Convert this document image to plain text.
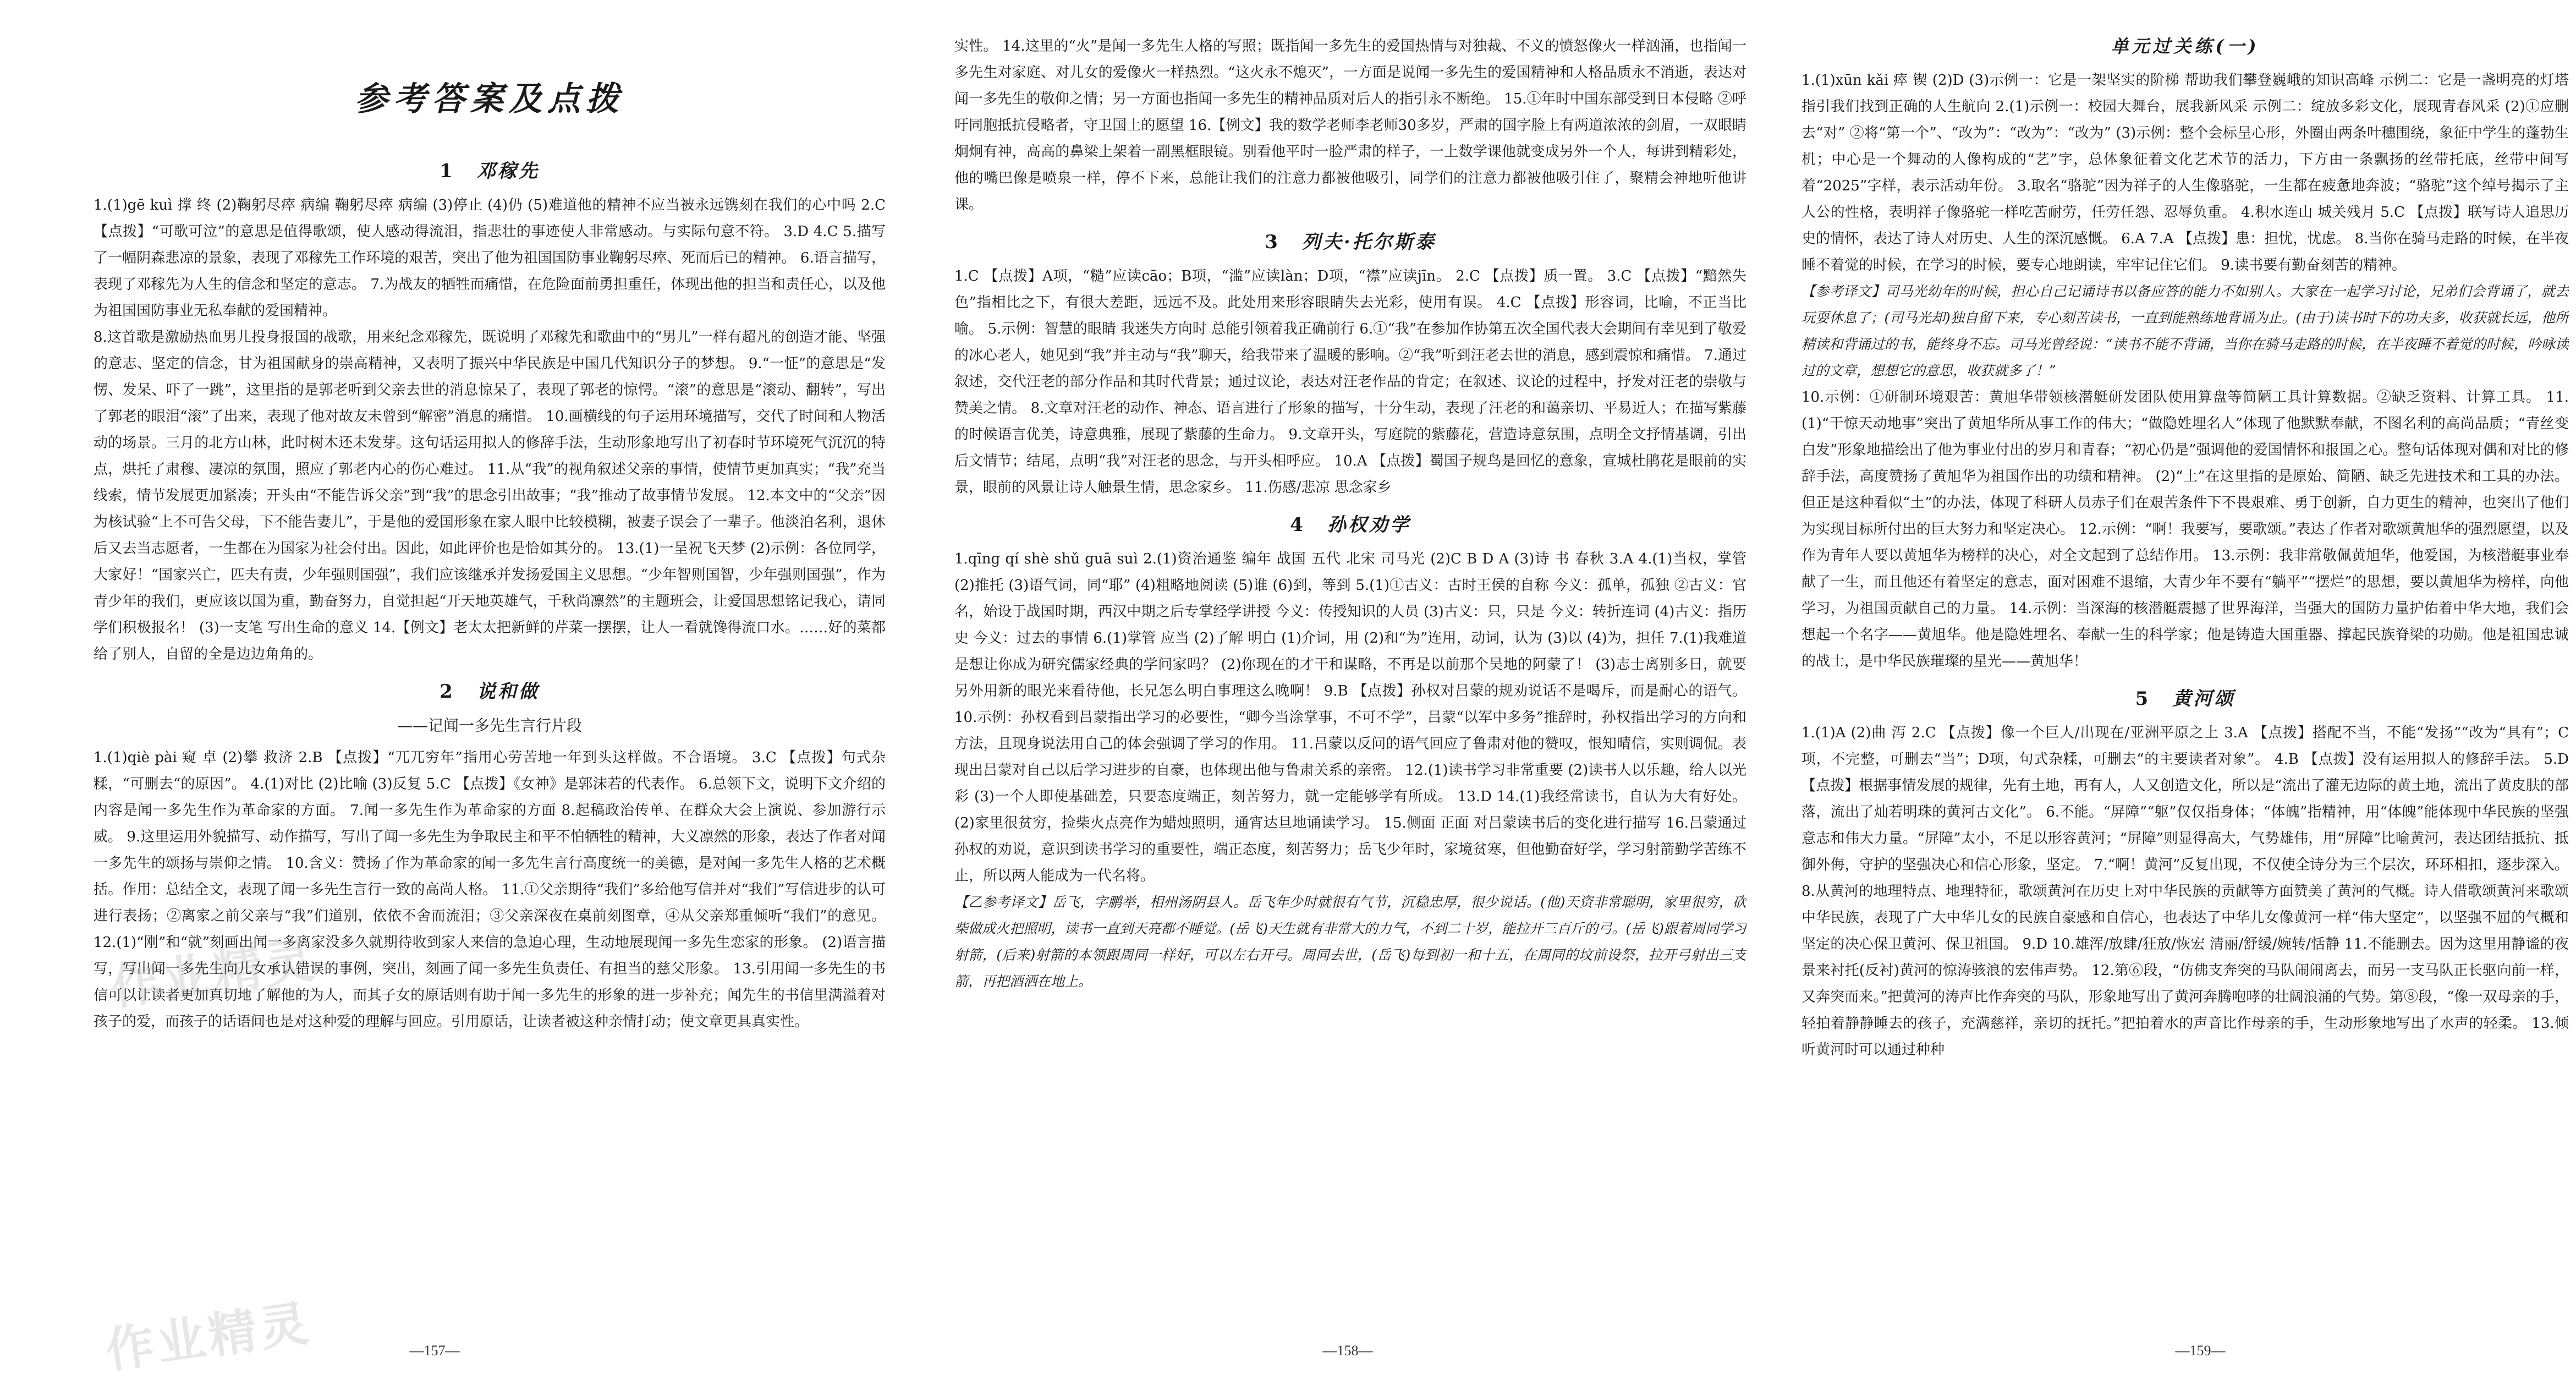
参考答案及点拨
1 邓稼先

1.(1)gē kuì 撑 终 (2)鞠躬尽瘁 病编 鞠躬尽瘁 病编 (3)停止 (4)仍 (5)难道他的精神不应当被永远镌刻在我们的心中吗 2.C 【点拨】“可歌可泣”的意思是值得歌颂，使人感动得流泪，指悲壮的事迹使人非常感动。与实际句意不符。 3.D 4.C 5.描写了一幅阴森悲凉的景象，表现了邓稼先工作环境的艰苦，突出了他为祖国国防事业鞠躬尽瘁、死而后已的精神。 6.语言描写，表现了邓稼先为人生的信念和坚定的意志。 7.为战友的牺牲而痛惜，在危险面前勇担重任，体现出他的担当和责任心，以及他为祖国国防事业无私奉献的爱国精神。

8.这首歌是激励热血男儿投身报国的战歌，用来纪念邓稼先，既说明了邓稼先和歌曲中的“男儿”一样有超凡的创造才能、坚强的意志、坚定的信念，甘为祖国献身的崇高精神，又表明了振兴中华民族是中国几代知识分子的梦想。 9.“一怔”的意思是“发愣、发呆、吓了一跳”，这里指的是郭老听到父亲去世的消息惊呆了，表现了郭老的惊愕。“滚”的意思是“滚动、翻转”，写出了郭老的眼泪“滚”了出来，表现了他对故友未曾到“解密”消息的痛惜。 10.画横线的句子运用环境描写，交代了时间和人物活动的场景。三月的北方山林，此时树木还未发芽。这句话运用拟人的修辞手法，生动形象地写出了初春时节环境死气沉沉的特点，烘托了肃穆、凄凉的氛围，照应了郭老内心的伤心难过。 11.从“我”的视角叙述父亲的事情，使情节更加真实；“我”充当线索，情节发展更加紧凑；开头由“不能告诉父亲”到“我”的思念引出故事；“我”推动了故事情节发展。 12.本文中的“父亲”因为核试验“上不可告父母，下不能告妻儿”，于是他的爱国形象在家人眼中比较模糊，被妻子误会了一辈子。他淡泊名利，退休后又去当志愿者，一生都在为国家为社会付出。因此，如此评价也是恰如其分的。 13.(1)一呈祝飞天梦 (2)示例：各位同学，大家好！“国家兴亡，匹夫有责，少年强则国强”，我们应该继承并发扬爱国主义思想。“少年智则国智，少年强则国强”，作为青少年的我们，更应该以国为重，勤奋努力，自觉担起“开天地英雄气，千秋尚凛然”的主题班会，让爱国思想铭记我心，请同学们积极报名！ (3)一支笔 写出生命的意义 14.【例文】老太太把新鲜的芹菜一摆摆，让人一看就馋得流口水。……好的菜都给了别人，自留的全是边边角角的。

2 说和做
——记闻一多先生言行片段

1.(1)qiè pài 窥 卓 (2)攀 救济 2.B 【点拨】“兀兀穷年”指用心劳苦地一年到头这样做。不合语境。 3.C 【点拨】句式杂糅，“可删去“的原因”。 4.(1)对比 (2)比喻 (3)反复 5.C 【点拨】《女神》是郭沫若的代表作。 6.总领下文，说明下文介绍的内容是闻一多先生作为革命家的方面。 7.闻一多先生作为革命家的方面 8.起稿政治传单、在群众大会上演说、参加游行示威。 9.这里运用外貌描写、动作描写，写出了闻一多先生为争取民主和平不怕牺牲的精神，大义凛然的形象，表达了作者对闻一多先生的颂扬与崇仰之情。 10.含义：赞扬了作为革命家的闻一多先生言行高度统一的美德，是对闻一多先生人格的艺术概括。作用：总结全文，表现了闻一多先生言行一致的高尚人格。 11.①父亲期待“我们”多给他写信并对“我们”写信进步的认可进行表扬；②离家之前父亲与“我”们道别，依依不舍而流泪；③父亲深夜在桌前刻图章，④从父亲郑重倾听“我们”的意见。 12.(1)“刚”和“就”刻画出闻一多离家没多久就期待收到家人来信的急迫心理，生动地展现闻一多先生恋家的形象。 (2)语言描写，写出闻一多先生向儿女承认错误的事例，突出，刻画了闻一多先生负责任、有担当的慈父形象。 13.引用闻一多先生的书信可以让读者更加真切地了解他的为人，而其子女的原话则有助于闻一多先生的形象的进一步补充；闻先生的书信里满溢着对孩子的爱，而孩子的话语间也是对这种爱的理解与回应。引用原话，让读者被这种亲情打动；使文章更具真实性。

实性。 14.这里的“火”是闻一多先生人格的写照；既指闻一多先生的爱国热情与对独裁、不义的愤怒像火一样汹涌，也指闻一多先生对家庭、对儿女的爱像火一样热烈。“这火永不熄灭”，一方面是说闻一多先生的爱国精神和人格品质永不消逝，表达对闻一多先生的敬仰之情；另一方面也指闻一多先生的精神品质对后人的指引永不断绝。 15.①年时中国东部受到日本侵略 ②呼吁同胞抵抗侵略者，守卫国土的愿望 16.【例文】我的数学老师李老师30多岁，严肃的国字脸上有两道浓浓的剑眉，一双眼睛炯炯有神，高高的鼻梁上架着一副黑框眼镜。别看他平时一脸严肃的样子，一上数学课他就变成另外一个人，每讲到精彩处，他的嘴巴像是喷泉一样，停不下来，总能让我们的注意力都被他吸引，同学们的注意力都被他吸引住了，聚精会神地听他讲课。

3 列夫·托尔斯泰

1.C 【点拨】A项，“糙”应读cāo；B项，“滥”应读làn；D项，“襟”应读jīn。 2.C 【点拨】质一置。 3.C 【点拨】“黯然失色”指相比之下，有很大差距，远远不及。此处用来形容眼睛失去光彩，使用有误。 4.C 【点拨】形容词，比喻，不正当比喻。 5.示例：智慧的眼睛 我迷失方向时 总能引领着我正确前行 6.①“我”在参加作协第五次全国代表大会期间有幸见到了敬爱的冰心老人，她见到“我”并主动与“我”聊天，给我带来了温暖的影响。②“我”听到汪老去世的消息，感到震惊和痛惜。 7.通过叙述，交代汪老的部分作品和其时代背景；通过议论，表达对汪老作品的肯定；在叙述、议论的过程中，抒发对汪老的崇敬与赞美之情。 8.文章对汪老的动作、神态、语言进行了形象的描写，十分生动，表现了汪老的和蔼亲切、平易近人；在描写紫藤的时候语言优美，诗意典雅，展现了紫藤的生命力。 9.文章开头，写庭院的紫藤花，营造诗意氛围，点明全文抒情基调，引出后文情节；结尾，点明“我”对汪老的思念，与开头相呼应。 10.A 【点拨】蜀国子规鸟是回忆的意象，宣城杜鹃花是眼前的实景，眼前的风景让诗人触景生情，思念家乡。 11.伤感/悲凉 思念家乡

4 孙权劝学

1.qīng qí shè shǔ guā suì 2.(1)资治通鉴 编年 战国 五代 北宋 司马光 (2)C B D A (3)诗 书 春秋 3.A 4.(1)当权，掌管 (2)推托 (3)语气词，同“耶” (4)粗略地阅读 (5)谁 (6)到，等到 5.(1)①古义：古时王侯的自称 今义：孤单，孤独 ②古义：官名，始设于战国时期，西汉中期之后专掌经学讲授 今义：传授知识的人员 (3)古义：只，只是 今义：转折连词 (4)古义：指历史 今义：过去的事情 6.(1)掌管 应当 (2)了解 明白 (1)介词，用 (2)和“为”连用，动词，认为 (3)以 (4)为，担任 7.(1)我难道是想让你成为研究儒家经典的学问家吗？ (2)你现在的才干和谋略，不再是以前那个吴地的阿蒙了！ (3)志士离别多日，就要另外用新的眼光来看待他，长兄怎么明白事理这么晚啊！ 9.B 【点拨】孙权对吕蒙的规劝说话不是喝斥，而是耐心的语气。 10.示例：孙权看到吕蒙指出学习的必要性，“卿今当涂掌事，不可不学”，吕蒙“以军中多务”推辞时，孙权指出学习的方向和方法，且现身说法用自己的体会强调了学习的作用。 11.吕蒙以反问的语气回应了鲁肃对他的赞叹，恨知晴信，实则调侃。表现出吕蒙对自己以后学习进步的自豪，也体现出他与鲁肃关系的亲密。 12.(1)读书学习非常重要 (2)读书人以乐趣，给人以光彩 (3)一个人即使基础差，只要态度端正，刻苦努力，就一定能够学有所成。 13.D 14.(1)我经常读书，自认为大有好处。 (2)家里很贫穷，捡柴火点亮作为蜡烛照明，通宵达旦地诵读学习。 15.侧面 正面 对吕蒙读书后的变化进行描写 16.吕蒙通过孙权的劝说，意识到读书学习的重要性，端正态度，刻苦努力；岳飞少年时，家境贫寒，但他勤奋好学，学习射箭勤学苦练不止，所以两人能成为一代名将。

【乙参考译文】岳飞，字鹏举，相州汤阴县人。岳飞年少时就很有气节，沉稳忠厚，很少说话。(他)天资非常聪明，家里很穷，砍柴做成火把照明，读书一直到天亮都不睡觉。(岳飞)天生就有非常大的力气，不到二十岁，能拉开三百斤的弓。(岳飞)跟着周同学习射箭，(后来)射箭的本领跟周同一样好，可以左右开弓。周同去世，(岳飞)每到初一和十五，在周同的坟前设祭，拉开弓射出三支箭，再把酒洒在地上。

单元过关练(一)

1.(1)xūn kǎi 瘁 锲 (2)D (3)示例一：它是一架坚实的阶梯 帮助我们攀登巍峨的知识高峰 示例二：它是一盏明亮的灯塔 指引我们找到正确的人生航向 2.(1)示例一：校园大舞台，展我新风采 示例二：绽放多彩文化，展现青春风采 (2)①应删去“对” ②将“第一个”、“改为”：“改为”：“改为” (3)示例：整个会标呈心形，外圈由两条叶穗围绕，象征中学生的蓬勃生机；中心是一个舞动的人像构成的“艺”字，总体象征着文化艺术节的活力，下方由一条飘扬的丝带托底，丝带中间写着“2025”字样，表示活动年份。 3.取名“骆驼”因为祥子的人生像骆驼，一生都在疲惫地奔波；“骆驼”这个绰号揭示了主人公的性格，表明祥子像骆驼一样吃苦耐劳，任劳任怨、忍辱负重。 4.积水连山 城关残月 5.C 【点拨】联写诗人追思历史的情怀，表达了诗人对历史、人生的深沉感慨。 6.A 7.A 【点拨】患：担忧，忧虑。 8.当你在骑马走路的时候，在半夜睡不着觉的时候，在学习的时候，要专心地朗读，牢牢记住它们。 9.读书要有勤奋刻苦的精神。

【参考译文】司马光幼年的时候，担心自己记诵诗书以备应答的能力不如别人。大家在一起学习讨论，兄弟们会背诵了，就去玩耍休息了；(司马光却)独自留下来，专心刻苦读书，一直到能熟练地背诵为止。(由于)读书时下的功夫多，收获就长远，他所精读和背诵过的书，能终身不忘。司马光曾经说：“读书不能不背诵，当你在骑马走路的时候，在半夜睡不着觉的时候，吟咏读过的文章，想想它的意思，收获就多了！”

10.示例：①研制环境艰苦：黄旭华带领核潜艇研发团队使用算盘等简陋工具计算数据。②缺乏资料、计算工具。 11.(1)“干惊天动地事”突出了黄旭华所从事工作的伟大；“做隐姓埋名人”体现了他默默奉献，不图名利的高尚品质；“青丝变白发”形象地描绘出了他为事业付出的岁月和青春；“初心仍是”强调他的爱国情怀和报国之心。整句话体现对偶和对比的修辞手法，高度赞扬了黄旭华为祖国作出的功绩和精神。 (2)“土”在这里指的是原始、简陋、缺乏先进技术和工具的办法。但正是这种看似“土”的办法，体现了科研人员赤子们在艰苦条件下不畏艰难、勇于创新，自力更生的精神，也突出了他们为实现目标所付出的巨大努力和坚定决心。 12.示例：“啊！我要写，要歌颂。”表达了作者对歌颂黄旭华的强烈愿望，以及作为青年人要以黄旭华为榜样的决心，对全文起到了总结作用。 13.示例：我非常敬佩黄旭华，他爱国，为核潜艇事业奉献了一生，而且他还有着坚定的意志，面对困难不退缩，大青少年不要有“躺平”“摆烂”的思想，要以黄旭华为榜样，向他学习，为祖国贡献自己的力量。 14.示例：当深海的核潜艇震撼了世界海洋，当强大的国防力量护佑着中华大地，我们会想起一个名字——黄旭华。他是隐姓埋名、奉献一生的科学家；他是铸造大国重器、撑起民族脊梁的功勋。他是祖国忠诚的战士，是中华民族璀璨的星光——黄旭华！

5 黄河颂

1.(1)A (2)曲 泻 2.C 【点拨】像一个巨人/出现在/亚洲平原之上 3.A 【点拨】搭配不当，不能“发扬”“改为“具有”；C项，不完整，可删去“当”；D项，句式杂糅，可删去“的主要读者对象”。 4.B 【点拨】没有运用拟人的修辞手法。 5.D 【点拨】根据事情发展的规律，先有土地，再有人，人又创造文化，所以是“流出了灌无边际的黄土地，流出了黄皮肤的部落，流出了灿若明珠的黄河古文化”。 6.不能。“屏障”“躯”仅仅指身体；“体魄”指精神，用“体魄”能体现中华民族的坚强意志和伟大力量。“屏障”太小，不足以形容黄河；“屏障”则显得高大，气势雄伟，用“屏障”比喻黄河，表达团结抵抗、抵御外侮，守护的坚强决心和信心形象，坚定。 7.“啊！黄河”反复出现，不仅使全诗分为三个层次，环环相扣，逐步深入。 8.从黄河的地理特点、地理特征，歌颂黄河在历史上对中华民族的贡献等方面赞美了黄河的气概。诗人借歌颂黄河来歌颂中华民族，表现了广大中华儿女的民族自豪感和自信心，也表达了中华儿女像黄河一样“伟大坚定”，以坚强不屈的气概和坚定的决心保卫黄河、保卫祖国。 9.D 10.雄浑/放肆/狂放/恢宏 清丽/舒缓/婉转/恬静 11.不能删去。因为这里用静谧的夜景来衬托(反衬)黄河的惊涛骇浪的宏伟声势。 12.第⑥段，“仿佛支奔突的马队闹闹离去，而另一支马队正长驱向前一样，又奔突而来。”把黄河的涛声比作奔突的马队，形象地写出了黄河奔腾咆哮的壮阔浪涌的气势。第⑧段，“像一双母亲的手，轻拍着静静睡去的孩子，充满慈祥，亲切的抚托。”把拍着水的声音比作母亲的手，生动形象地写出了水声的轻柔。 13.倾听黄河时可以通过种种

—157—	—158—	—159—
作业精灵
作业精灵
